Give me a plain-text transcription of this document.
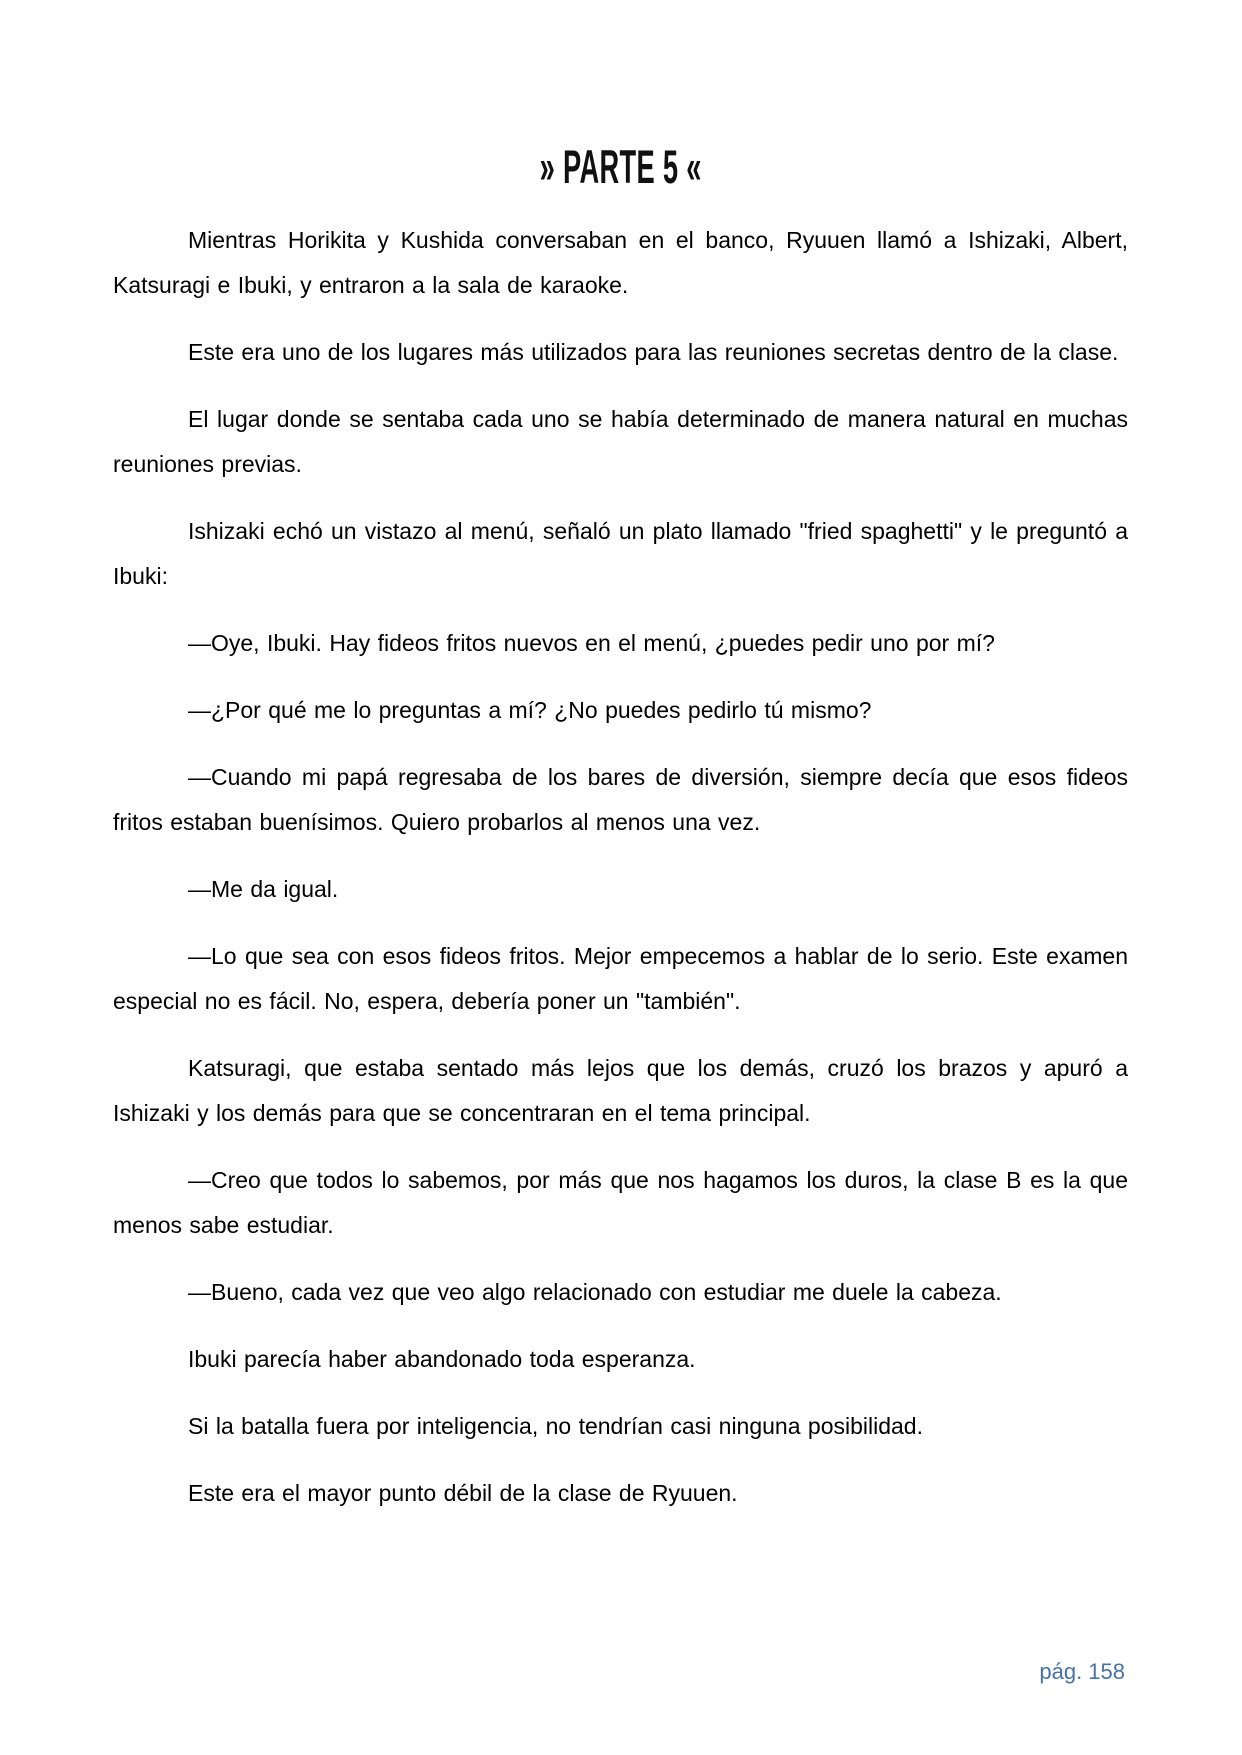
» PARTE 5 «

Mientras Horikita y Kushida conversaban en el banco, Ryuuen llamó a Ishizaki, Albert, Katsuragi e Ibuki, y entraron a la sala de karaoke.

Este era uno de los lugares más utilizados para las reuniones secretas dentro de la clase.

El lugar donde se sentaba cada uno se había determinado de manera natural en muchas reuniones previas.

Ishizaki echó un vistazo al menú, señaló un plato llamado "fried spaghetti" y le preguntó a Ibuki:

—Oye, Ibuki. Hay fideos fritos nuevos en el menú, ¿puedes pedir uno por mí?

—¿Por qué me lo preguntas a mí? ¿No puedes pedirlo tú mismo?

—Cuando mi papá regresaba de los bares de diversión, siempre decía que esos fideos fritos estaban buenísimos. Quiero probarlos al menos una vez.

—Me da igual.

—Lo que sea con esos fideos fritos. Mejor empecemos a hablar de lo serio. Este examen especial no es fácil. No, espera, debería poner un "también".

Katsuragi, que estaba sentado más lejos que los demás, cruzó los brazos y apuró a Ishizaki y los demás para que se concentraran en el tema principal.

—Creo que todos lo sabemos, por más que nos hagamos los duros, la clase B es la que menos sabe estudiar.

—Bueno, cada vez que veo algo relacionado con estudiar me duele la cabeza.

Ibuki parecía haber abandonado toda esperanza.

Si la batalla fuera por inteligencia, no tendrían casi ninguna posibilidad.

Este era el mayor punto débil de la clase de Ryuuen.

pág. 158
